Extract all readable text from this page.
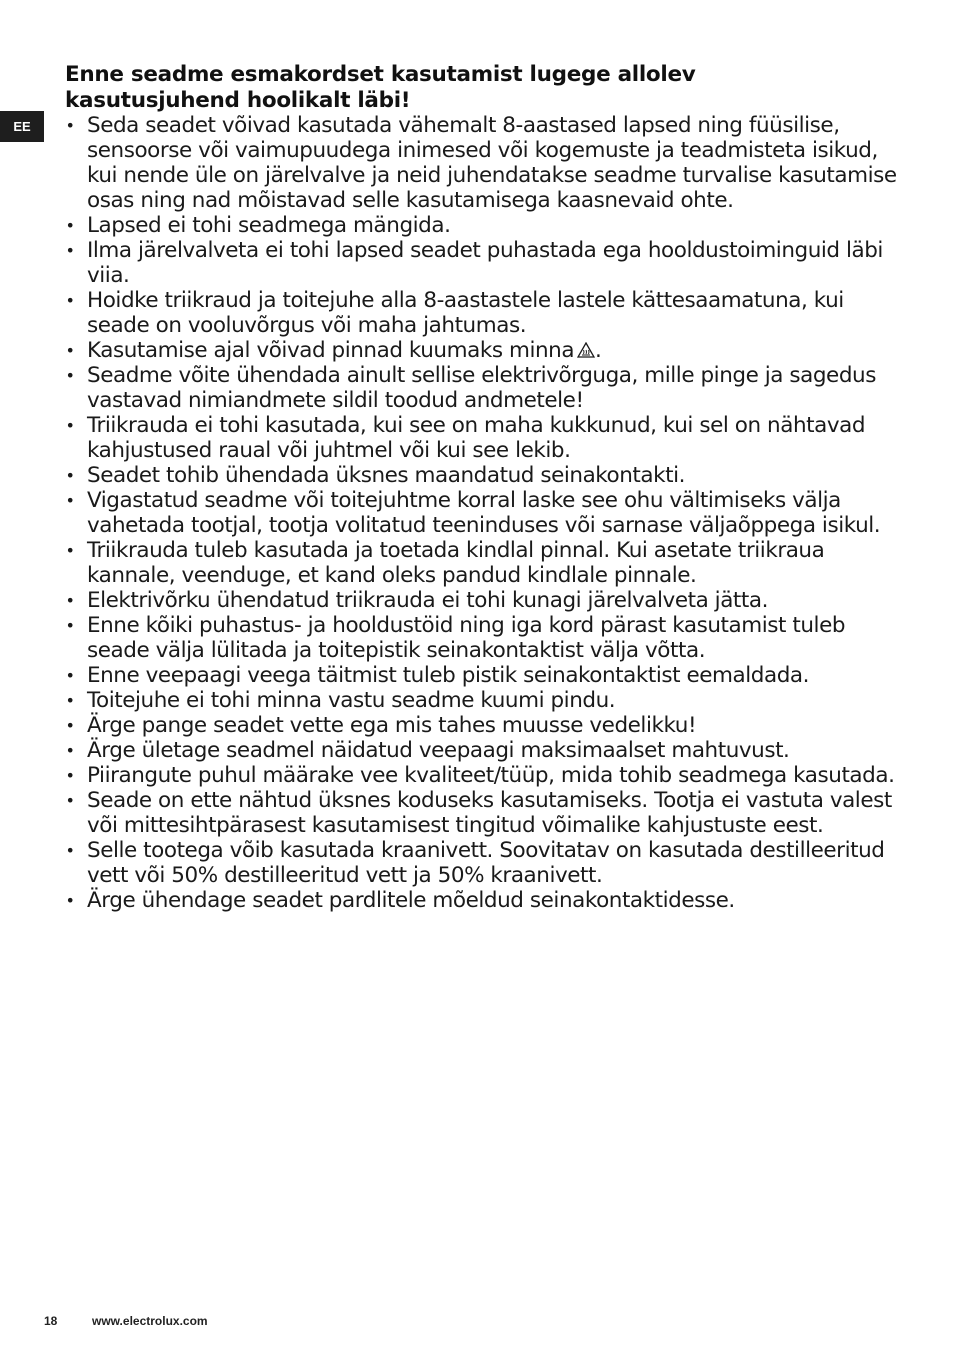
EE
Enne seadme esmakordset kasutamist lugege allolev
kasutusjuhend hoolikalt läbi!
• Seda seadet võivad kasutada vähemalt 8-aastased lapsed ning füüsilise, sensoorse või vaimupuudega inimesed või kogemuste ja teadmisteta isikud, kui nende üle on järelvalve ja neid juhendatakse seadme turvalise kasutamise osas ning nad mõistavad selle kasutamisega kaasnevaid ohte.
• Lapsed ei tohi seadmega mängida.
• Ilma järelvalveta ei tohi lapsed seadet puhastada ega hooldustoiminguid läbi viia.
• Hoidke triikraud ja toitejuhe alla 8-aastastele lastele kättesaamatuna, kui seade on vooluvõrgus või maha jahtumas.
• Kasutamise ajal võivad pinnad kuumaks minna .
• Seadme võite ühendada ainult sellise elektrivõrguga, mille pinge ja sagedus vastavad nimiandmete sildil toodud andmetele!
• Triikrauda ei tohi kasutada, kui see on maha kukkunud, kui sel on nähtavad kahjustused raual või juhtmel või kui see lekib.
• Seadet tohib ühendada üksnes maandatud seinakontakti.
• Vigastatud seadme või toitejuhtme korral laske see ohu vältimiseks välja vahetada tootjal, tootja volitatud teeninduses või sarnase väljaõppega isikul.
• Triikrauda tuleb kasutada ja toetada kindlal pinnal. Kui asetate triikraua kannale, veenduge, et kand oleks pandud kindlale pinnale.
• Elektrivõrku ühendatud triikrauda ei tohi kunagi järelvalveta jätta.
• Enne kõiki puhastus- ja hooldustöid ning iga kord pärast kasutamist tuleb seade välja lülitada ja toitepistik seinakontaktist välja võtta.
• Enne veepaagi veega täitmist tuleb pistik seinakontaktist eemaldada.
• Toitejuhe ei tohi minna vastu seadme kuumi pindu.
• Ärge pange seadet vette ega mis tahes muusse vedelikku!
• Ärge ületage seadmel näidatud veepaagi maksimaalset mahtuvust.
• Piirangute puhul määrake vee kvaliteet/tüüp, mida tohib seadmega kasutada.
• Seade on ette nähtud üksnes koduseks kasutamiseks. Tootja ei vastuta valest või mittesihtpärasest kasutamisest tingitud võimalike kahjustuste eest.
• Selle tootega võib kasutada kraanivett. Soovitatav on kasutada destilleeritud vett või 50% destilleeritud vett ja 50% kraanivett.
• Ärge ühendage seadet pardlitele mõeldud seinakontaktidesse.
18	www.electrolux.com
